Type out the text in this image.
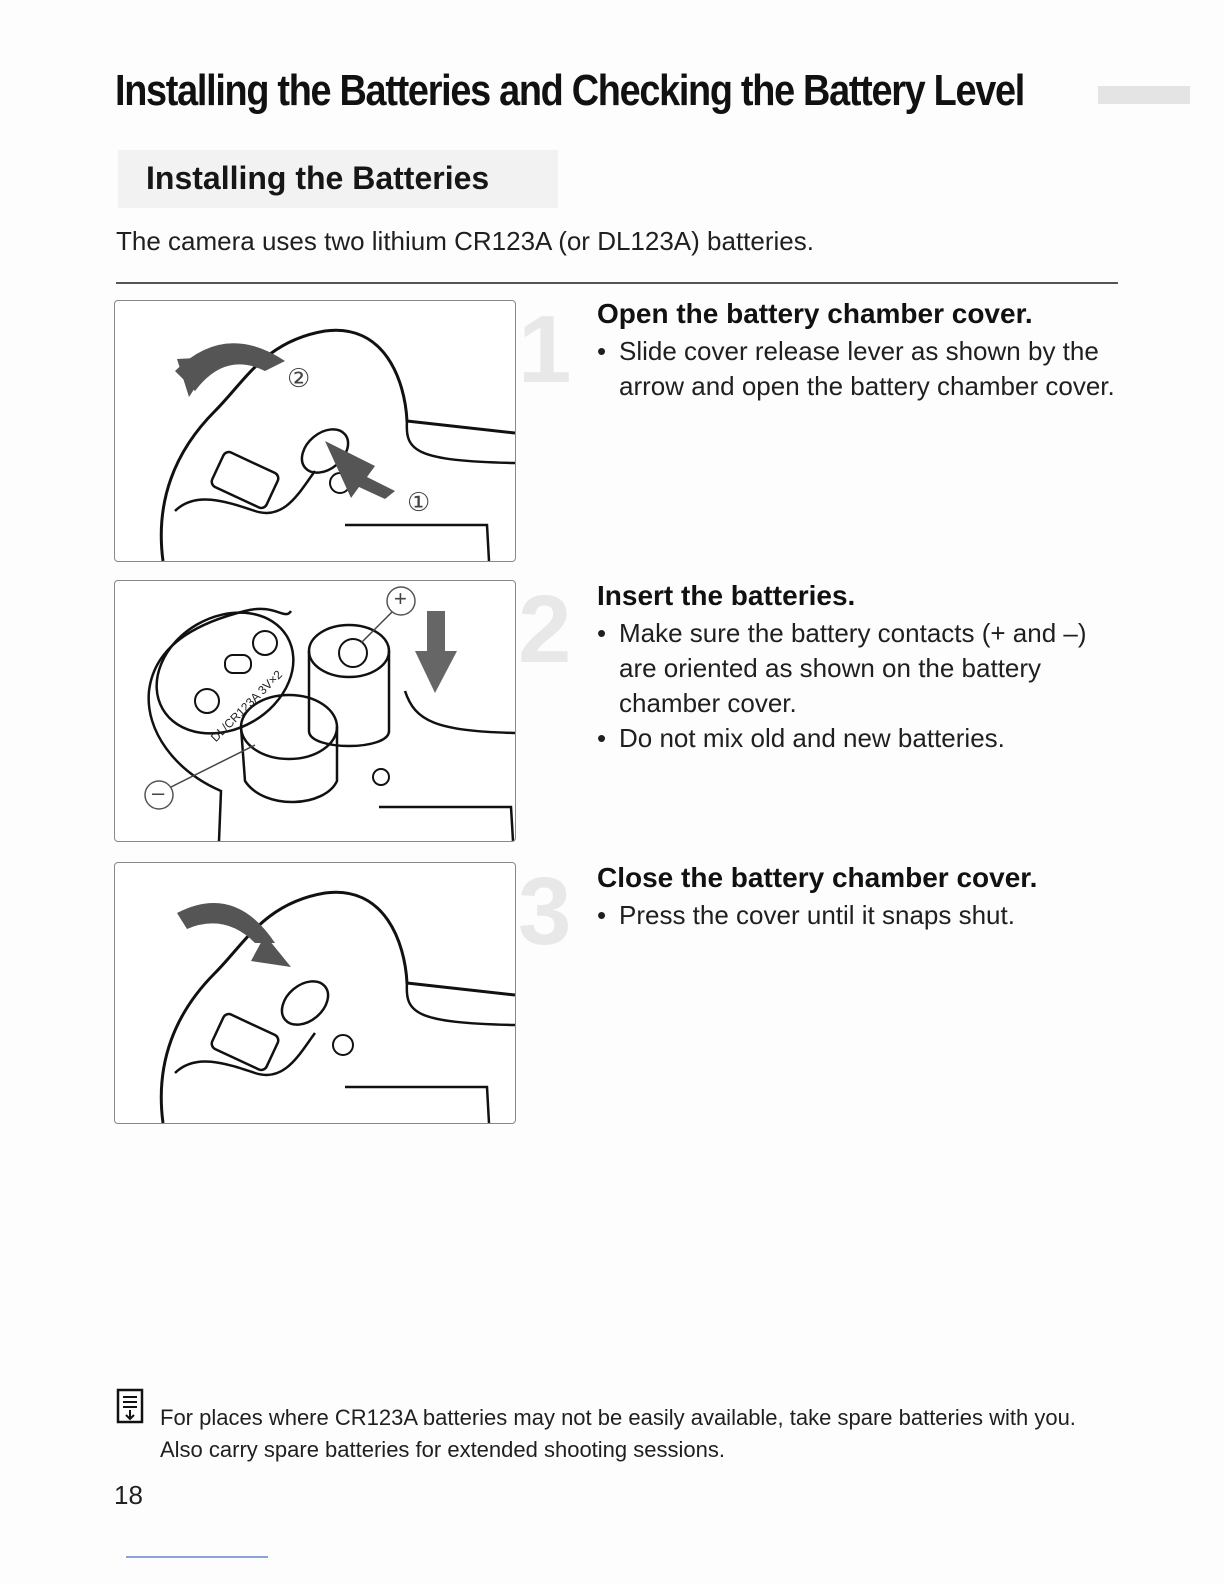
Installing the Batteries and Checking the Battery Level
Installing the Batteries
The camera uses two lithium CR123A (or DL123A) batteries.
②
①
1 Open the battery chamber cover.
• Slide cover release lever as shown by the arrow and open the battery chamber cover.
+
–
DL/CR123A 3V×2
2 Insert the batteries.
• Make sure the battery contacts (+ and –) are oriented as shown on the battery chamber cover.
• Do not mix old and new batteries.
3 Close the battery chamber cover.
• Press the cover until it snaps shut.
For places where CR123A batteries may not be easily available, take spare batteries with you. Also carry spare batteries for extended shooting sessions.
18
